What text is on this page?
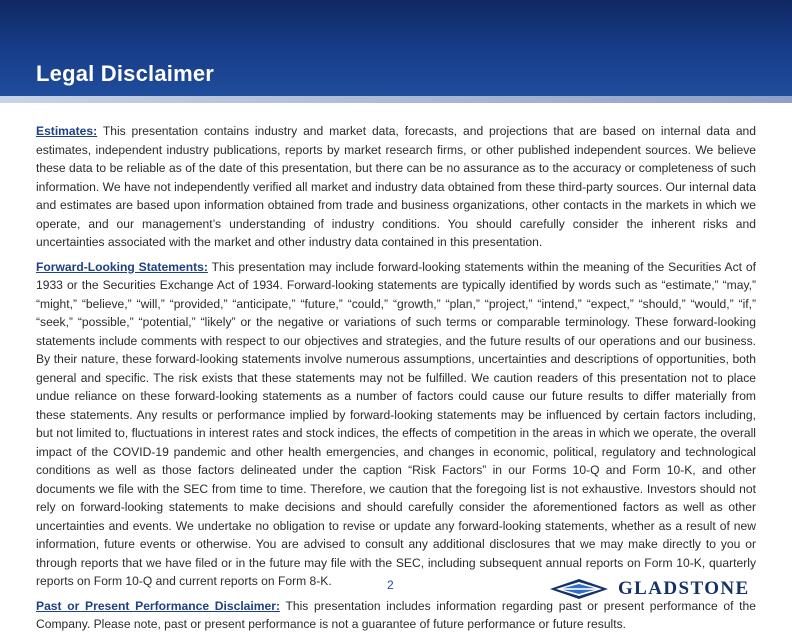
Legal Disclaimer

Estimates: This presentation contains industry and market data, forecasts, and projections that are based on internal data and estimates, independent industry publications, reports by market research firms, or other published independent sources. We believe these data to be reliable as of the date of this presentation, but there can be no assurance as to the accuracy or completeness of such information. We have not independently verified all market and industry data obtained from these third-party sources. Our internal data and estimates are based upon information obtained from trade and business organizations, other contacts in the markets in which we operate, and our management’s understanding of industry conditions. You should carefully consider the inherent risks and uncertainties associated with the market and other industry data contained in this presentation.

Forward-Looking Statements: This presentation may include forward-looking statements within the meaning of the Securities Act of 1933 or the Securities Exchange Act of 1934. Forward-looking statements are typically identified by words such as “estimate,” “may,” “might,” “believe,” “will,” “provided,” “anticipate,” “future,” “could,” “growth,” “plan,” “project,” “intend,” “expect,” “should,” “would,” “if,” “seek,” “possible,” “potential,” “likely” or the negative or variations of such terms or comparable terminology. These forward-looking statements include comments with respect to our objectives and strategies, and the future results of our operations and our business. By their nature, these forward-looking statements involve numerous assumptions, uncertainties and descriptions of opportunities, both general and specific. The risk exists that these statements may not be fulfilled. We caution readers of this presentation not to place undue reliance on these forward-looking statements as a number of factors could cause our future results to differ materially from these statements. Any results or performance implied by forward-looking statements may be influenced by certain factors including, but not limited to, fluctuations in interest rates and stock indices, the effects of competition in the areas in which we operate, the overall impact of the COVID-19 pandemic and other health emergencies, and changes in economic, political, regulatory and technological conditions as well as those factors delineated under the caption “Risk Factors” in our Forms 10-Q and Form 10-K, and other documents we file with the SEC from time to time. Therefore, we caution that the foregoing list is not exhaustive. Investors should not rely on forward-looking statements to make decisions and should carefully consider the aforementioned factors as well as other uncertainties and events. We undertake no obligation to revise or update any forward-looking statements, whether as a result of new information, future events or otherwise. You are advised to consult any additional disclosures that we may make directly to you or through reports that we have filed or in the future may file with the SEC, including subsequent annual reports on Form 10-K, quarterly reports on Form 10-Q and current reports on Form 8-K.

Past or Present Performance Disclaimer: This presentation includes information regarding past or present performance of the Company. Please note, past or present performance is not a guarantee of future performance or future results.

2	GLADSTONE
